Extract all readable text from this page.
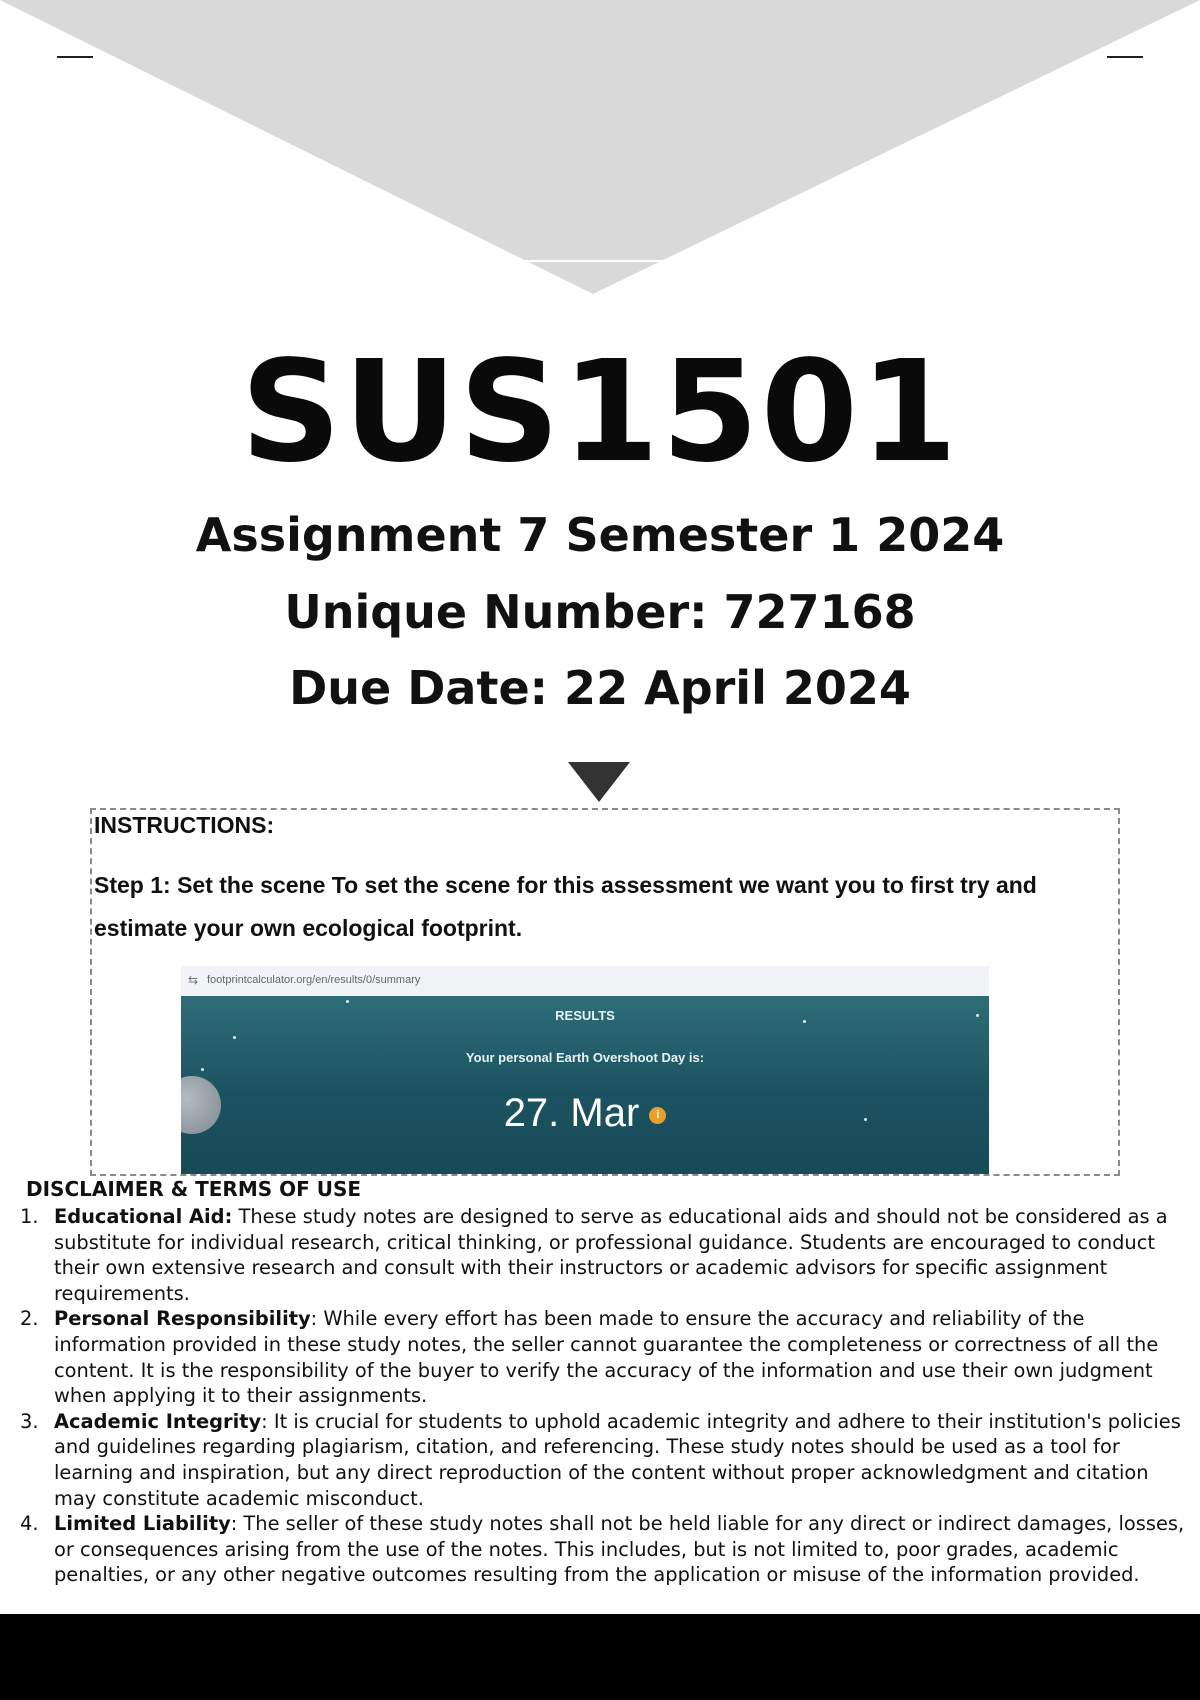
SUS1501
Assignment 7 Semester 1 2024
Unique Number: 727168
Due Date: 22 April 2024
INSTRUCTIONS:
Step 1: Set the scene To set the scene for this assessment we want you to first try and estimate your own ecological footprint.
⇆ footprintcalculator.org/en/results/0/summary
RESULTS
Your personal Earth Overshoot Day is:
27. Mar i
DISCLAIMER & TERMS OF USE
1. Educational Aid: These study notes are designed to serve as educational aids and should not be considered as a substitute for individual research, critical thinking, or professional guidance. Students are encouraged to conduct their own extensive research and consult with their instructors or academic advisors for specific assignment requirements.
2. Personal Responsibility: While every effort has been made to ensure the accuracy and reliability of the information provided in these study notes, the seller cannot guarantee the completeness or correctness of all the content. It is the responsibility of the buyer to verify the accuracy of the information and use their own judgment when applying it to their assignments.
3. Academic Integrity: It is crucial for students to uphold academic integrity and adhere to their institution's policies and guidelines regarding plagiarism, citation, and referencing. These study notes should be used as a tool for learning and inspiration, but any direct reproduction of the content without proper acknowledgment and citation may constitute academic misconduct.
4. Limited Liability: The seller of these study notes shall not be held liable for any direct or indirect damages, losses, or consequences arising from the use of the notes. This includes, but is not limited to, poor grades, academic penalties, or any other negative outcomes resulting from the application or misuse of the information provided.
